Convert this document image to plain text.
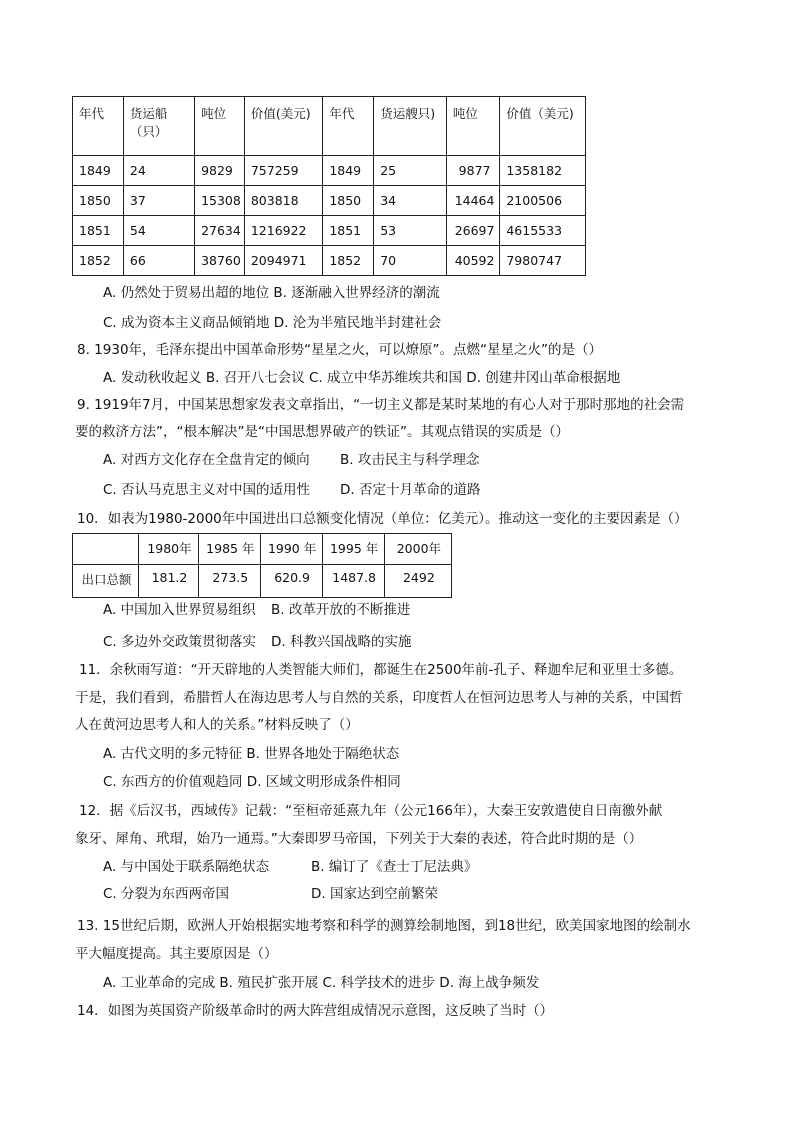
年代	货运船（只）	吨位	价值(美元)	年代	货运艘只)	吨位	价值（美元)
1849	24	9829	757259	1849	25	9877	1358182
1850	37	15308	803818	1850	34	14464	2100506
1851	54	27634	1216922	1851	53	26697	4615533
1852	66	38760	2094971	1852	70	40592	7980747
A. 仍然处于贸易出超的地位 B. 逐渐融入世界经济的潮流
C. 成为资本主义商品倾销地 D. 沦为半殖民地半封建社会
8. 1930年，毛泽东提出中国革命形势“星星之火，可以燎原”。点燃“星星之火”的是（）
A. 发动秋收起义 B. 召开八七会议 C. 成立中华苏维埃共和国 D. 创建井冈山革命根据地
9. 1919年7月，中国某思想家发表文章指出，“一切主义都是某时某地的有心人对于那时那地的社会需
要的救济方法”，“根本解决”是“中国思想界破产的铁证”。其观点错误的实质是（）
A. 对西方文化存在全盘肯定的倾向 B. 攻击民主与科学理念
C. 否认马克思主义对中国的适用性 D. 否定十月革命的道路
10．如表为1980-2000年中国进出口总额变化情况（单位：亿美元）。推动这一变化的主要因素是（）
	1980年	1985 年	1990 年	1995 年	2000年
出口总额	181.2	273.5	620.9	1487.8	2492
A. 中国加入世界贸易组织 B. 改革开放的不断推进
C. 多边外交政策贯彻落实 D. 科教兴国战略的实施
11．余秋雨写道：“开天辟地的人类智能大师们，都诞生在2500年前-孔子、释迦牟尼和亚里士多德。
于是，我们看到，希腊哲人在海边思考人与自然的关系，印度哲人在恒河边思考人与神的关系，中国哲
人在黄河边思考人和人的关系。”材料反映了（）
A. 古代文明的多元特征 B. 世界各地处于隔绝状态
C. 东西方的价值观趋同 D. 区域文明形成条件相同
12．据《后汉书，西域传》记载：“至桓帝延熹九年（公元166年），大秦王安敦遣使自日南徼外献
象牙、犀角、玳瑁，始乃一通焉。”大秦即罗马帝国，下列关于大秦的表述，符合此时期的是（）
A. 与中国处于联系隔绝状态	B. 编订了《查士丁尼法典》
C. 分裂为东西两帝国	D. 国家达到空前繁荣
13. 15世纪后期，欧洲人开始根据实地考察和科学的测算绘制地图，到18世纪，欧美国家地图的绘制水
平大幅度提高。其主要原因是（）
A. 工业革命的完成 B. 殖民扩张开展 C. 科学技术的进步 D. 海上战争频发
14．如图为英国资产阶级革命时的两大阵营组成情况示意图，这反映了当时（）
